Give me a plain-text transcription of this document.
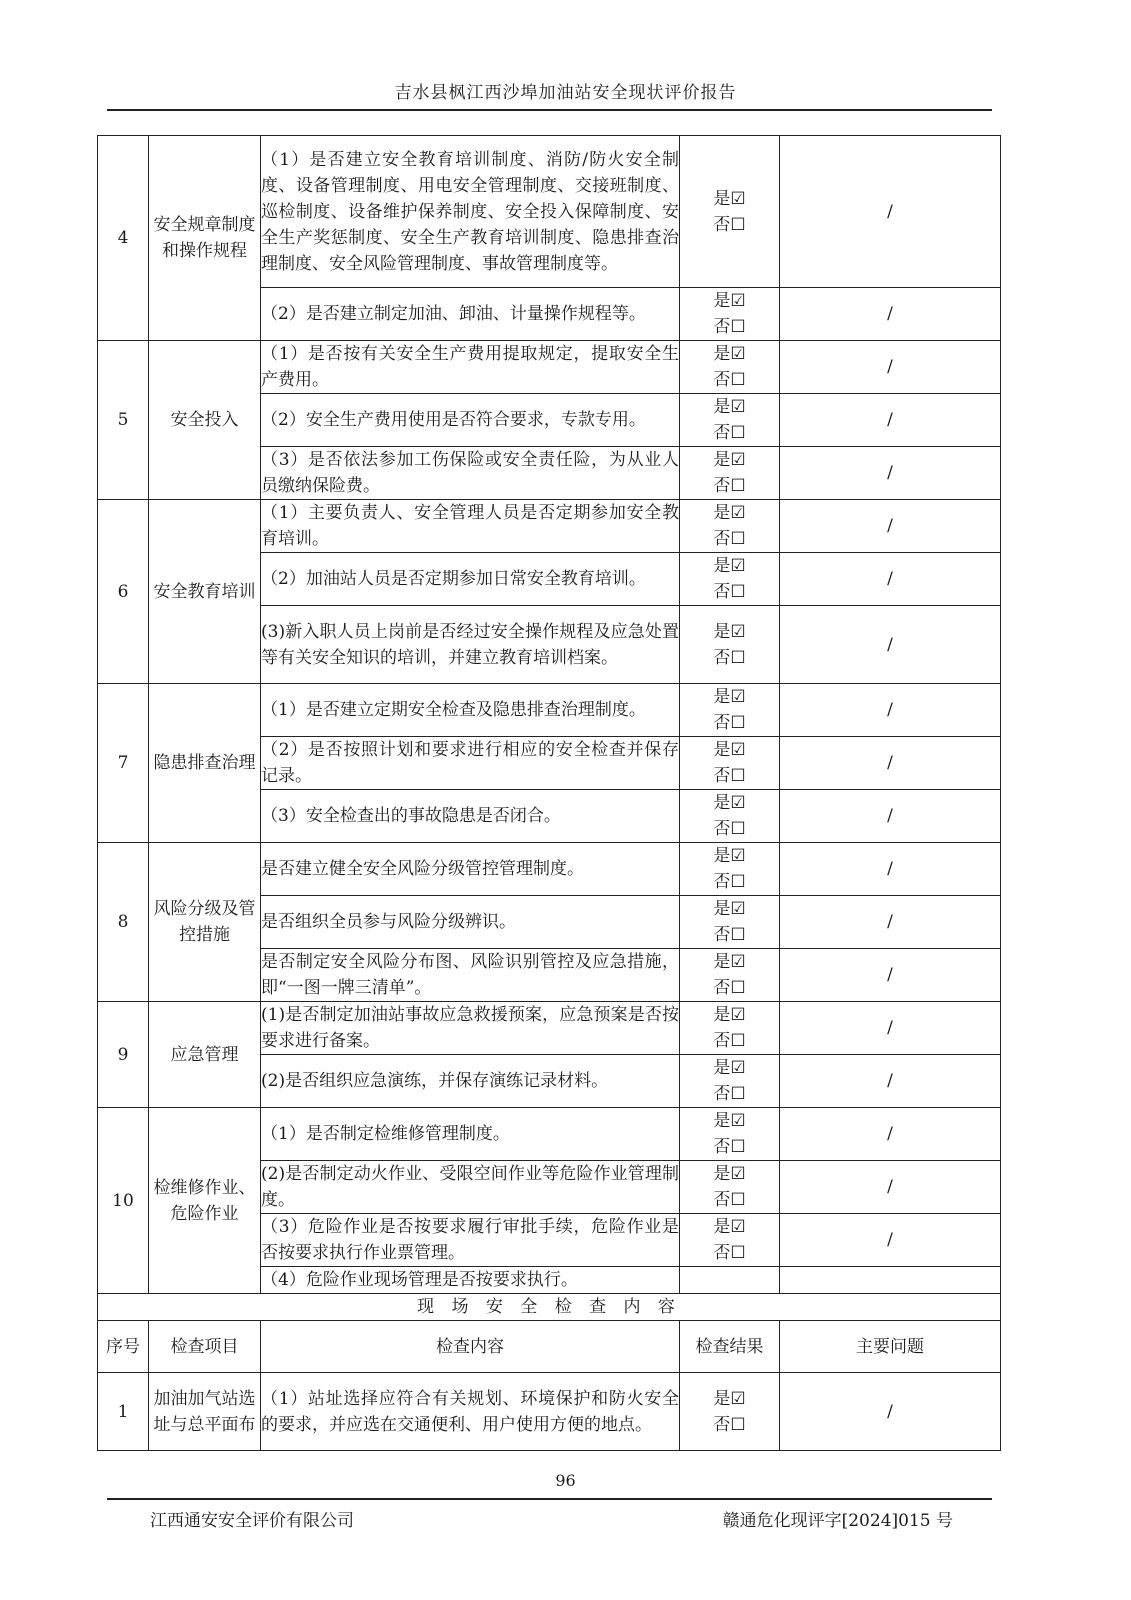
吉水县枫江西沙埠加油站安全现状评价报告
4	安全规章制度和操作规程	（1）是否建立安全教育培训制度、消防/防火安全制度、设备管理制度、用电安全管理制度、交接班制度、巡检制度、设备维护保养制度、安全投入保障制度、安全生产奖惩制度、安全生产教育培训制度、隐患排查治理制度、安全风险管理制度、事故管理制度等。	是☑
否☐	/
		（2）是否建立制定加油、卸油、计量操作规程等。	是☑
否☐	/
5	安全投入	（1）是否按有关安全生产费用提取规定，提取安全生产费用。	是☑
否☐	/
		（2）安全生产费用使用是否符合要求，专款专用。	是☑
否☐	/
		（3）是否依法参加工伤保险或安全责任险，为从业人员缴纳保险费。	是☑
否☐	/
6	安全教育培训	（1）主要负责人、安全管理人员是否定期参加安全教育培训。	是☑
否☐	/
		（2）加油站人员是否定期参加日常安全教育培训。	是☑
否☐	/
		(3)新入职人员上岗前是否经过安全操作规程及应急处置等有关安全知识的培训，并建立教育培训档案。	是☑
否☐	/
7	隐患排查治理	（1）是否建立定期安全检查及隐患排查治理制度。	是☑
否☐	/
		（2）是否按照计划和要求进行相应的安全检查并保存记录。	是☑
否☐	/
		（3）安全检查出的事故隐患是否闭合。	是☑
否☐	/
8	风险分级及管控措施	是否建立健全安全风险分级管控管理制度。	是☑
否☐	/
		是否组织全员参与风险分级辨识。	是☑
否☐	/
		是否制定安全风险分布图、风险识别管控及应急措施，即“一图一牌三清单”。	是☑
否☐	/
9	应急管理	(1)是否制定加油站事故应急救援预案，应急预案是否按要求进行备案。	是☑
否☐	/
		(2)是否组织应急演练，并保存演练记录材料。	是☑
否☐	/
10	检维修作业、危险作业	（1）是否制定检维修管理制度。	是☑
否☐	/
		(2)是否制定动火作业、受限空间作业等危险作业管理制度。	是☑
否☐	/
		（3）危险作业是否按要求履行审批手续，危险作业是否按要求执行作业票管理。	是☑
否☐	/
		（4）危险作业现场管理是否按要求执行。		
现 场 安 全 检 查 内 容				
序号	检查项目	检查内容	检查结果	主要问题
1	加油加气站选址与总平面布	（1）站址选择应符合有关规划、环境保护和防火安全的要求，并应选在交通便利、用户使用方便的地点。	是☑
否☐	/
96
江西通安安全评价有限公司	赣通危化现评字[2024]015 号
